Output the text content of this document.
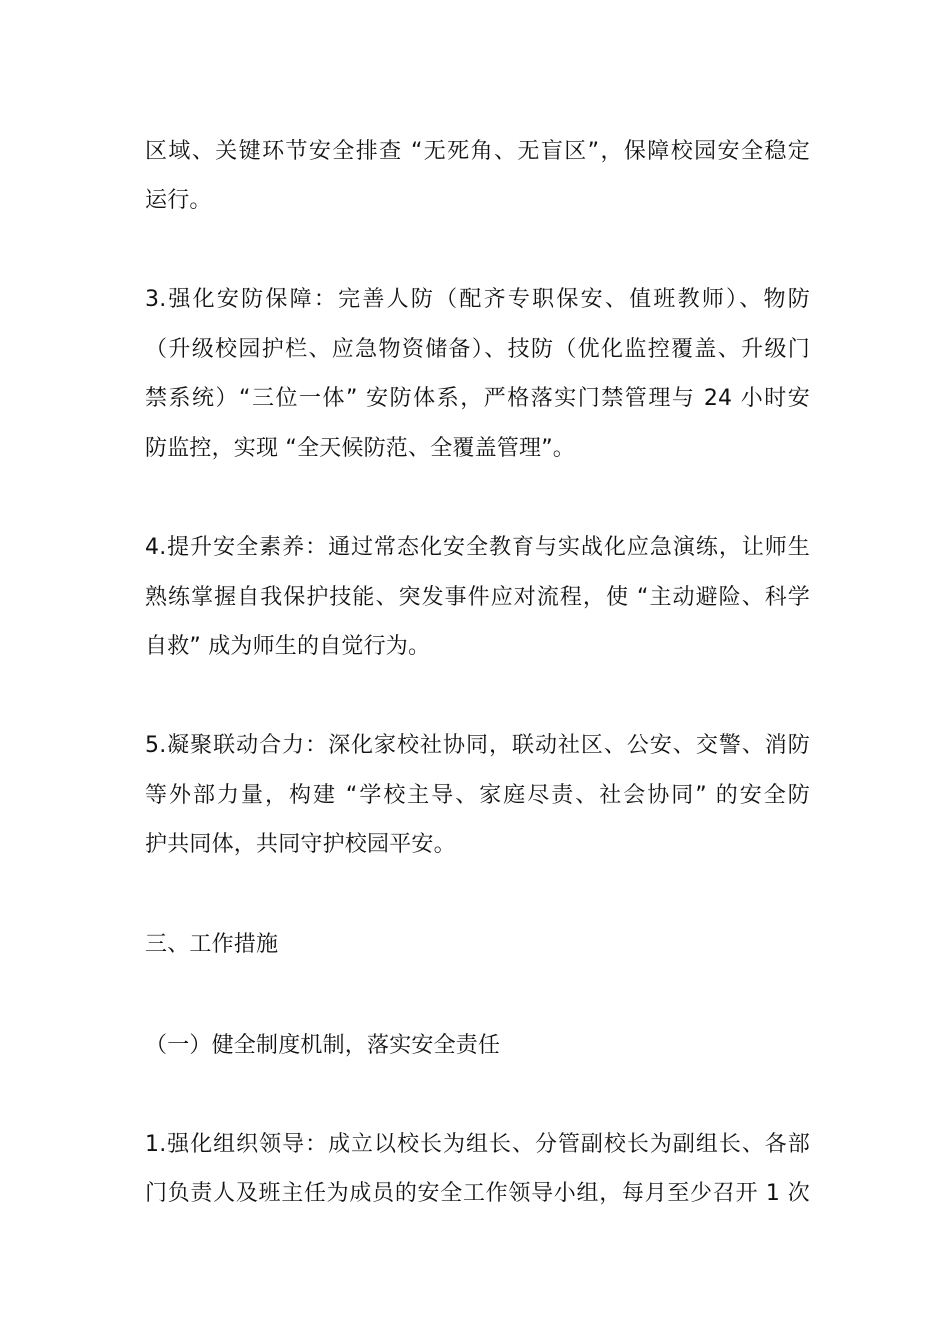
区域、关键环节安全排查 “无死角、无盲区”，保障校园安全稳定
运行。
3.强化安防保障：完善人防（配齐专职保安、值班教师）、物防
（升级校园护栏、应急物资储备）、技防（优化监控覆盖、升级门
禁系统）“三位一体” 安防体系，严格落实门禁管理与 24 小时安
防监控，实现 “全天候防范、全覆盖管理”。
4.提升安全素养：通过常态化安全教育与实战化应急演练，让师生
熟练掌握自我保护技能、突发事件应对流程，使 “主动避险、科学
自救” 成为师生的自觉行为。
5.凝聚联动合力：深化家校社协同，联动社区、公安、交警、消防
等外部力量，构建 “学校主导、家庭尽责、社会协同” 的安全防
护共同体，共同守护校园平安。
三、工作措施
（一）健全制度机制，落实安全责任
1.强化组织领导：成立以校长为组长、分管副校长为副组长、各部
门负责人及班主任为成员的安全工作领导小组，每月至少召开 1 次
